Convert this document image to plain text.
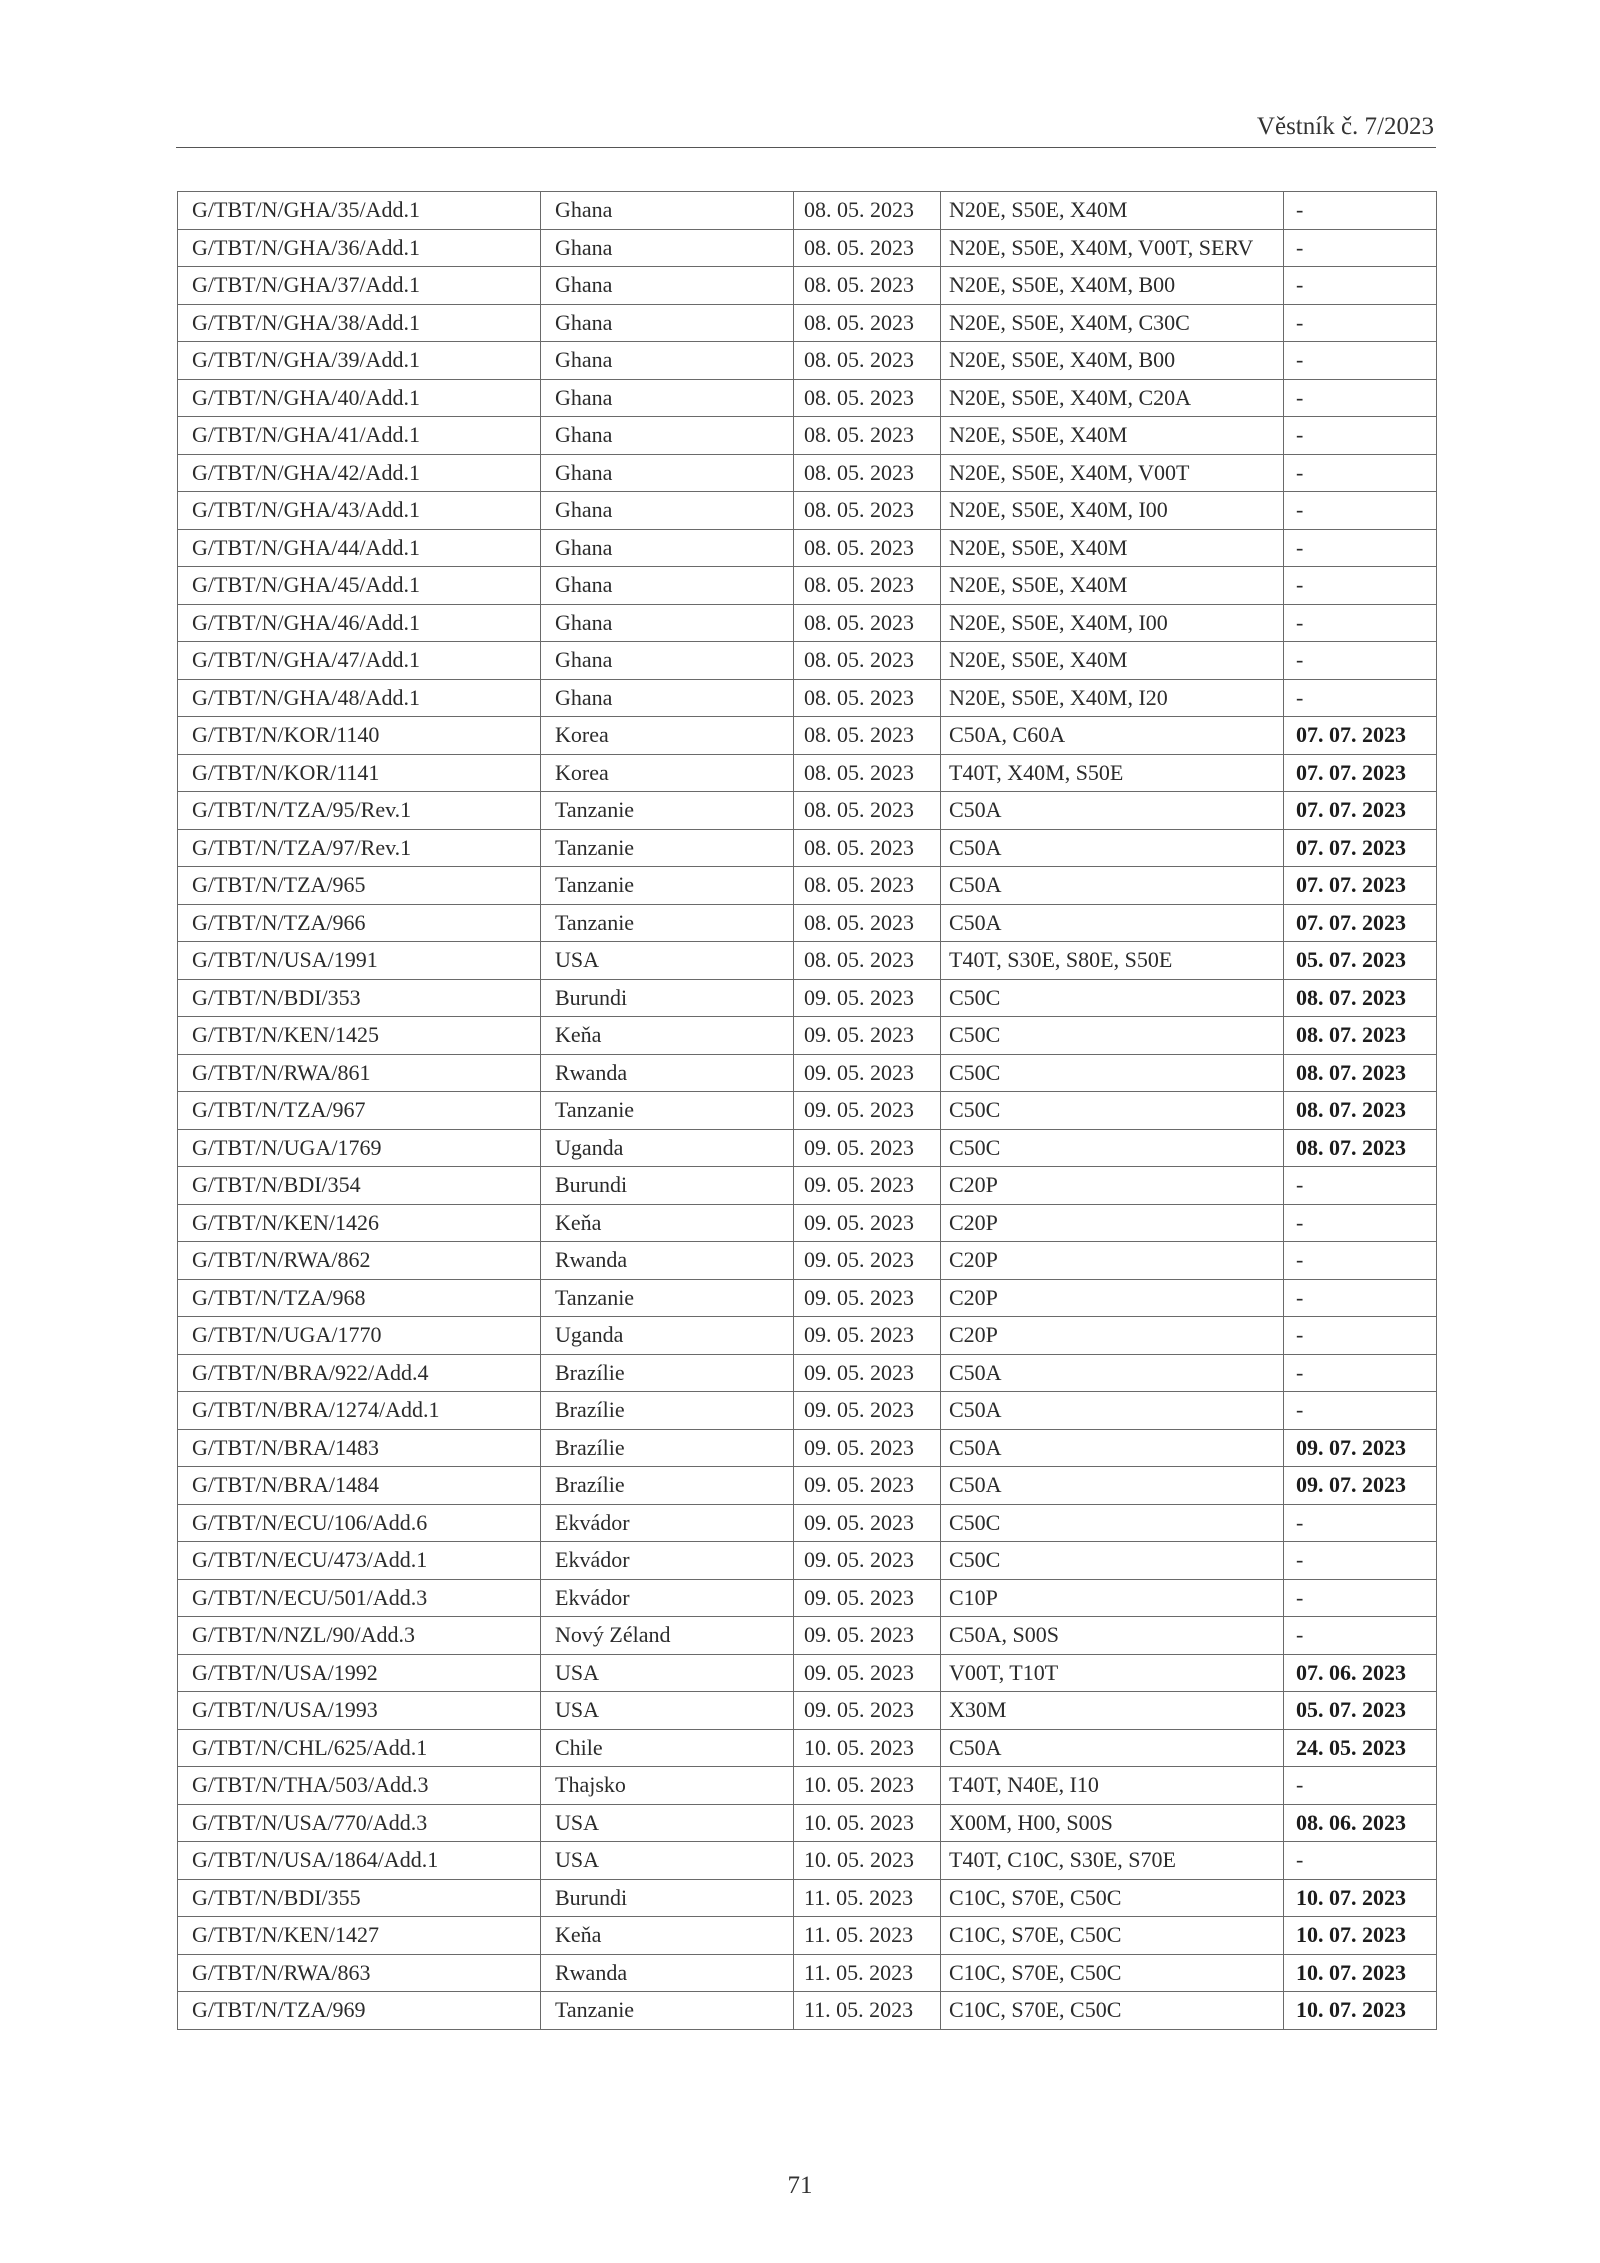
Věstník č. 7/2023
G/TBT/N/GHA/35/Add.1	Ghana	08. 05. 2023	N20E, S50E, X40M	-
G/TBT/N/GHA/36/Add.1	Ghana	08. 05. 2023	N20E, S50E, X40M, V00T, SERV	-
G/TBT/N/GHA/37/Add.1	Ghana	08. 05. 2023	N20E, S50E, X40M, B00	-
G/TBT/N/GHA/38/Add.1	Ghana	08. 05. 2023	N20E, S50E, X40M, C30C	-
G/TBT/N/GHA/39/Add.1	Ghana	08. 05. 2023	N20E, S50E, X40M, B00	-
G/TBT/N/GHA/40/Add.1	Ghana	08. 05. 2023	N20E, S50E, X40M, C20A	-
G/TBT/N/GHA/41/Add.1	Ghana	08. 05. 2023	N20E, S50E, X40M	-
G/TBT/N/GHA/42/Add.1	Ghana	08. 05. 2023	N20E, S50E, X40M, V00T	-
G/TBT/N/GHA/43/Add.1	Ghana	08. 05. 2023	N20E, S50E, X40M, I00	-
G/TBT/N/GHA/44/Add.1	Ghana	08. 05. 2023	N20E, S50E, X40M	-
G/TBT/N/GHA/45/Add.1	Ghana	08. 05. 2023	N20E, S50E, X40M	-
G/TBT/N/GHA/46/Add.1	Ghana	08. 05. 2023	N20E, S50E, X40M, I00	-
G/TBT/N/GHA/47/Add.1	Ghana	08. 05. 2023	N20E, S50E, X40M	-
G/TBT/N/GHA/48/Add.1	Ghana	08. 05. 2023	N20E, S50E, X40M, I20	-
G/TBT/N/KOR/1140	Korea	08. 05. 2023	C50A, C60A	07. 07. 2023
G/TBT/N/KOR/1141	Korea	08. 05. 2023	T40T, X40M, S50E	07. 07. 2023
G/TBT/N/TZA/95/Rev.1	Tanzanie	08. 05. 2023	C50A	07. 07. 2023
G/TBT/N/TZA/97/Rev.1	Tanzanie	08. 05. 2023	C50A	07. 07. 2023
G/TBT/N/TZA/965	Tanzanie	08. 05. 2023	C50A	07. 07. 2023
G/TBT/N/TZA/966	Tanzanie	08. 05. 2023	C50A	07. 07. 2023
G/TBT/N/USA/1991	USA	08. 05. 2023	T40T, S30E, S80E, S50E	05. 07. 2023
G/TBT/N/BDI/353	Burundi	09. 05. 2023	C50C	08. 07. 2023
G/TBT/N/KEN/1425	Keňa	09. 05. 2023	C50C	08. 07. 2023
G/TBT/N/RWA/861	Rwanda	09. 05. 2023	C50C	08. 07. 2023
G/TBT/N/TZA/967	Tanzanie	09. 05. 2023	C50C	08. 07. 2023
G/TBT/N/UGA/1769	Uganda	09. 05. 2023	C50C	08. 07. 2023
G/TBT/N/BDI/354	Burundi	09. 05. 2023	C20P	-
G/TBT/N/KEN/1426	Keňa	09. 05. 2023	C20P	-
G/TBT/N/RWA/862	Rwanda	09. 05. 2023	C20P	-
G/TBT/N/TZA/968	Tanzanie	09. 05. 2023	C20P	-
G/TBT/N/UGA/1770	Uganda	09. 05. 2023	C20P	-
G/TBT/N/BRA/922/Add.4	Brazílie	09. 05. 2023	C50A	-
G/TBT/N/BRA/1274/Add.1	Brazílie	09. 05. 2023	C50A	-
G/TBT/N/BRA/1483	Brazílie	09. 05. 2023	C50A	09. 07. 2023
G/TBT/N/BRA/1484	Brazílie	09. 05. 2023	C50A	09. 07. 2023
G/TBT/N/ECU/106/Add.6	Ekvádor	09. 05. 2023	C50C	-
G/TBT/N/ECU/473/Add.1	Ekvádor	09. 05. 2023	C50C	-
G/TBT/N/ECU/501/Add.3	Ekvádor	09. 05. 2023	C10P	-
G/TBT/N/NZL/90/Add.3	Nový Zéland	09. 05. 2023	C50A, S00S	-
G/TBT/N/USA/1992	USA	09. 05. 2023	V00T, T10T	07. 06. 2023
G/TBT/N/USA/1993	USA	09. 05. 2023	X30M	05. 07. 2023
G/TBT/N/CHL/625/Add.1	Chile	10. 05. 2023	C50A	24. 05. 2023
G/TBT/N/THA/503/Add.3	Thajsko	10. 05. 2023	T40T, N40E, I10	-
G/TBT/N/USA/770/Add.3	USA	10. 05. 2023	X00M, H00, S00S	08. 06. 2023
G/TBT/N/USA/1864/Add.1	USA	10. 05. 2023	T40T, C10C, S30E, S70E	-
G/TBT/N/BDI/355	Burundi	11. 05. 2023	C10C, S70E, C50C	10. 07. 2023
G/TBT/N/KEN/1427	Keňa	11. 05. 2023	C10C, S70E, C50C	10. 07. 2023
G/TBT/N/RWA/863	Rwanda	11. 05. 2023	C10C, S70E, C50C	10. 07. 2023
G/TBT/N/TZA/969	Tanzanie	11. 05. 2023	C10C, S70E, C50C	10. 07. 2023
71
